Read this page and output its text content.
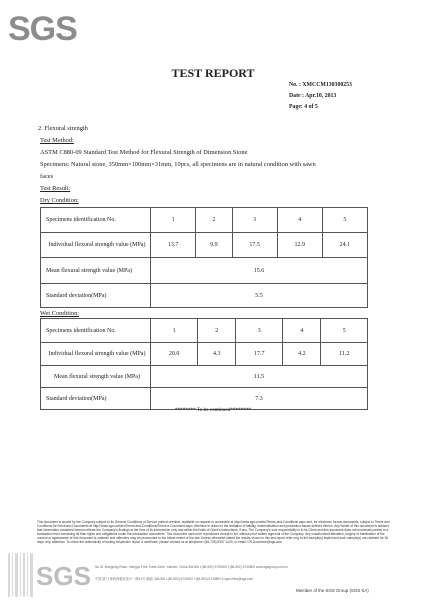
SGS
TEST REPORT
No. : XMCCM130300253
Date : Apr.10, 2013
Page: 4 of 5
2. Flexural strength
Test Method:
ASTM C880-09 Standard Test Method for Flexural Strength of Dimension Stone
Specimens: Natural stone, 350mm×100mm×31mm, 10pcs, all specimens are in natural condition with sawn
faces
Test Result:
Dry Condition:
Specimens identification No.	1	2	3	4	5
Individual flexural strength value (MPa)	13.7	9.9	17.5	12.9	24.1
Mean flexural strength value (MPa)	15.6				
Standard deviation(MPa)	5.5				
Wet Condition:
Specimens identification No.	1	2	3	4	5
Individual flexural strength value (MPa)	20.0	4.3	17.7	4.2	11.2
Mean flexural strength value (MPa)	11.5				
Standard deviation(MPa)	7.3				
******** To be continued********
This document is issued by the Company subject to its General Conditions of Service printed overleaf, available on request or accessible at http://www.sgs.com/en/Terms-and-Conditions.aspx and, for electronic format documents, subject to Terms and Conditions for Electronic Documents at http://www.sgs.com/en/Terms-and-Conditions/Terms-e-Document.aspx. Attention is drawn to the limitation of liability, indemnification and jurisdiction issues defined therein. Any holder of this document is advised that information contained hereon reflects the Company's findings at the time of its intervention only and within the limits of Client's instructions, if any. The Company's sole responsibility is to its Client and this document does not exonerate parties to a transaction from exercising all their rights and obligations under the transaction documents. This document cannot be reproduced except in full, without prior written approval of the Company. Any unauthorized alteration, forgery or falsification of the content or appearance of this document is unlawful and offenders may be prosecuted to the fullest extent of the law. Unless otherwise stated the results shown in this test report refer only to the sample(s) tested and such sample(s) are retained for 30 days only. Attention: To check the authenticity of testing /inspection report & certificate, please contact us at telephone: (86-755) 8307 1443, or email: CN.Doccheck@sgs.com
SGS No.31 Xiangxing Road, Xiangyu Free Trade Zone, Xiamen, China 361006 t (86-592) 5730000 f (86-592) 5730800 www.sgsgroup.com.cn
中国·厦门·象屿保税区象兴一路31号 邮编: 361006 t (86-592) 5730000 f (86-592) 5730800 e sgs.china@sgs.com
Member of the SGS Group (SGS SA)
